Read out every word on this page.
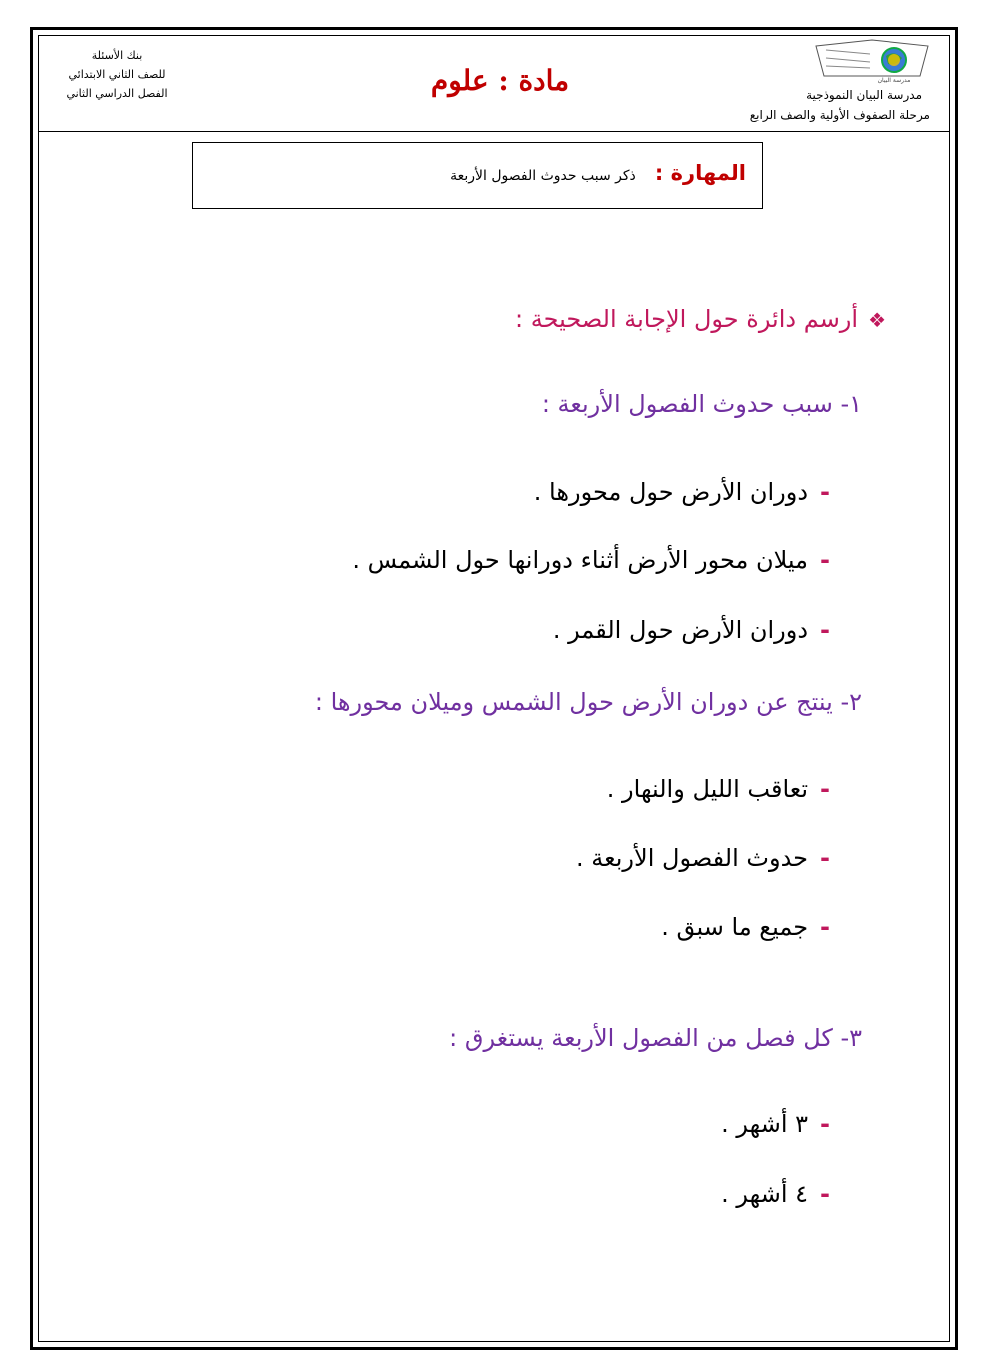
مدرسة البيان
مدرسة البيان النموذجية
مرحلة الصفوف الأولية والصف الرابع
بنك الأسئلة
للصف الثاني الابتدائي
الفصل الدراسي الثاني	مادة : علوم
المهارة : ذكر سبب حدوث الفصول الأربعة
❖أرسم دائرة حول الإجابة الصحيحة :
١- سبب حدوث الفصول الأربعة :
-دوران الأرض حول محورها .
-ميلان محور الأرض أثناء دورانها حول الشمس .
-دوران الأرض حول القمر .
٢- ينتج عن دوران الأرض حول الشمس وميلان محورها :
-تعاقب الليل والنهار .
-حدوث الفصول الأربعة .
-جميع ما سبق .
٣- كل فصل من الفصول الأربعة يستغرق :
-٣ أشهر .
-٤ أشهر .
